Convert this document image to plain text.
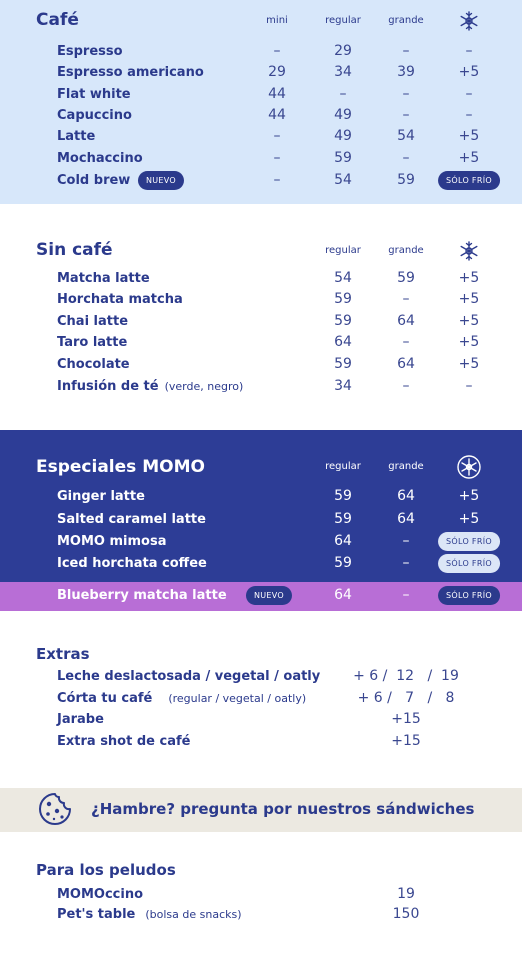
Café	mini	regular	grande
Espresso	–	29	–	–
Espresso americano	29	34	39	+5
Flat white	44	–	–	–
Capuccino	44	49	–	–
Latte	–	49	54	+5
Mochaccino	–	59	–	+5
Cold brew	NUEVO	–	54	59	SÓLO FRÍO
Sin café	regular	grande
Matcha latte	54	59	+5
Horchata matcha	59	–	+5
Chai latte	59	64	+5
Taro latte	64	–	+5
Chocolate	59	64	+5
Infusión de té (verde, negro)	34	–	–
Especiales MOMO	regular	grande
Ginger latte	59	64	+5
Salted caramel latte	59	64	+5
MOMO mimosa	64	–	SÓLO FRÍO
Iced horchata coffee	59	–	SÓLO FRÍO
Blueberry matcha latte	NUEVO	64	–	SÓLO FRÍO
Extras
Leche deslactosada / vegetal / oatly + 6 /  12   /  19
Córta tu café (regular / vegetal / oatly)	+ 6 /   7   /   8
Jarabe	+15
Extra shot de café	+15
¿Hambre? pregunta por nuestros sándwiches
Para los peludos
MOMOccino	19
Pet's table (bolsa de snacks)	150
